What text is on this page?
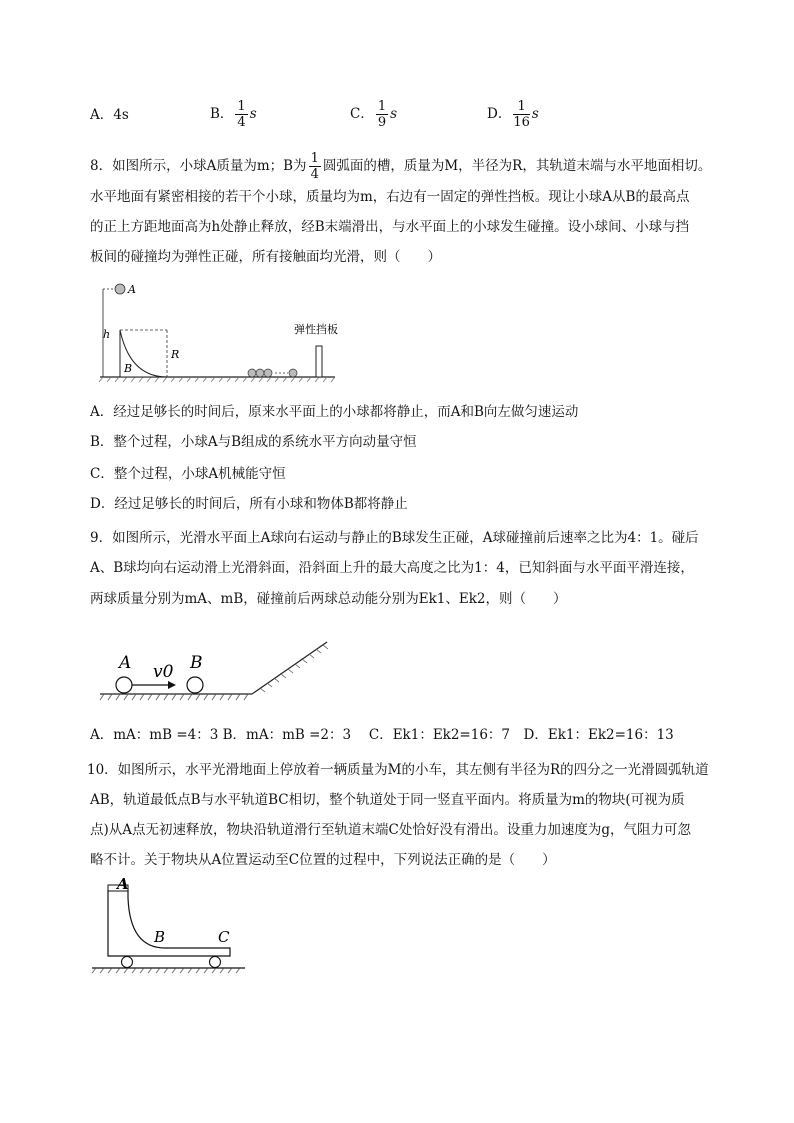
A．4s	B． $\frac{1}{4}$ s	C． $\frac{1}{9}$ s	D． $\frac{1}{16}$ s
8．如图所示，小球A质量为m；B为 $\frac{1}{4}$ 圆弧面的槽，质量为M，半径为R，其轨道末端与水平地面相切。
水平地面有紧密相接的若干个小球，质量均为m，右边有一固定的弹性挡板。现让小球A从B的最高点
的正上方距地面高为h处静止释放，经B末端滑出，与水平面上的小球发生碰撞。设小球间、小球与挡
板间的碰撞均为弹性正碰，所有接触面均光滑，则（　　）
h
A
B
R
弹性挡板
A．经过足够长的时间后，原来水平面上的小球都将静止，而A和B向左做匀速运动
B．整个过程，小球A与B组成的系统水平方向动量守恒
C．整个过程，小球A机械能守恒
D．经过足够长的时间后，所有小球和物体B都将静止
9．如图所示，光滑水平面上A球向右运动与静止的B球发生正碰，A球碰撞前后速率之比为4：1。碰后
A、B球均向右运动滑上光滑斜面，沿斜面上升的最大高度之比为1：4，已知斜面与水平面平滑连接，
两球质量分别为mA、mB，碰撞前后两球总动能分别为Ek1、Ek2，则（　　）
A v0 B
A．mA：mB =4：3 B．mA：mB =2：3　 C．Ek1：Ek2=16：7　D．Ek1：Ek2=16：13
10．如图所示，水平光滑地面上停放着一辆质量为M的小车，其左侧有半径为R的四分之一光滑圆弧轨道
AB，轨道最低点B与水平轨道BC相切，整个轨道处于同一竖直平面内。将质量为m的物块(可视为质
点)从A点无初速释放，物块沿轨道滑行至轨道末端C处恰好没有滑出。设重力加速度为g，气阻力可忽
略不计。关于物块从A位置运动至C位置的过程中，下列说法正确的是（　　）
A
B	C
